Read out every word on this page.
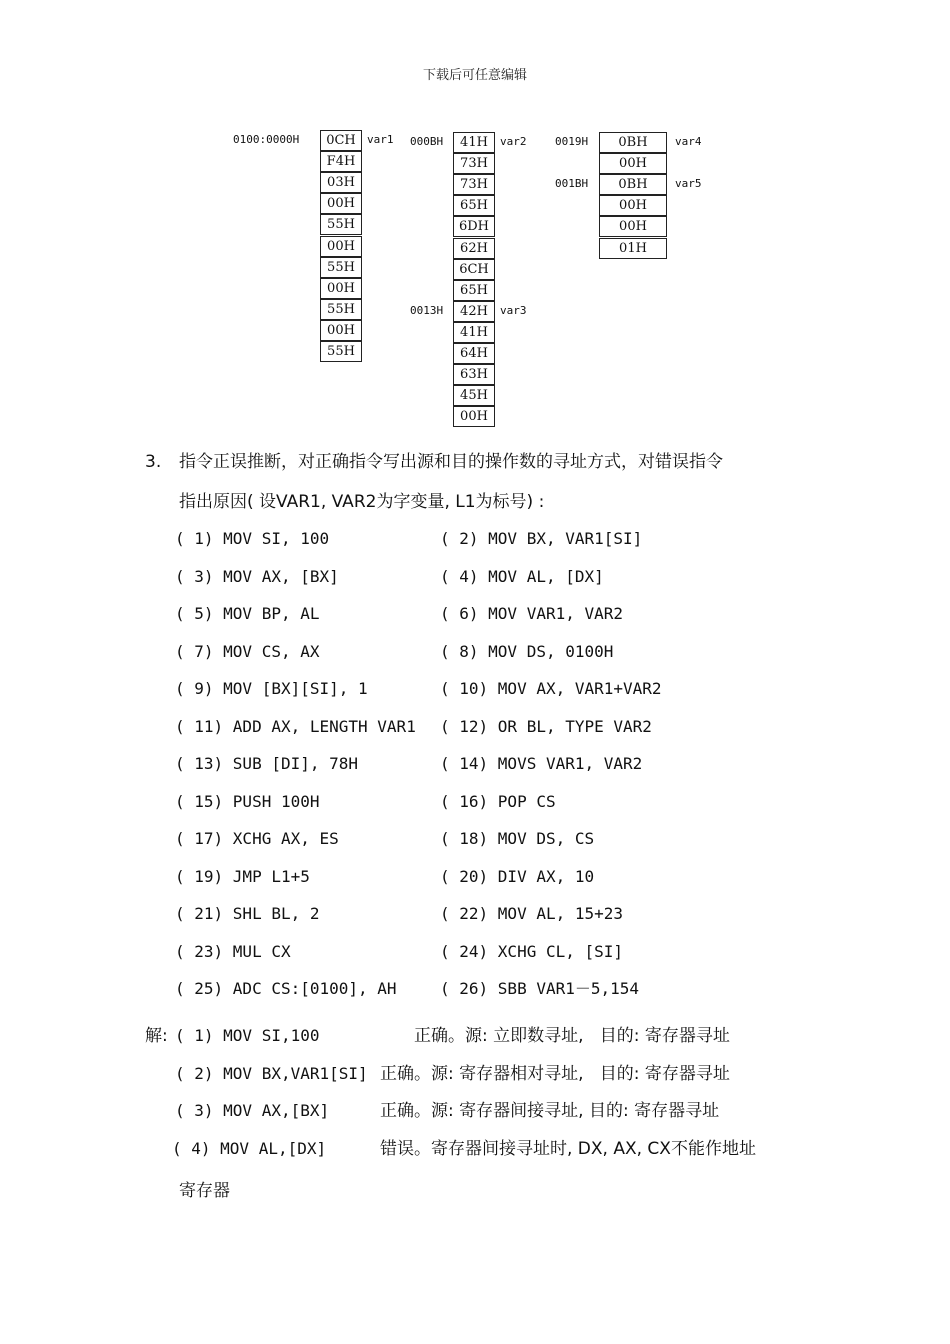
下载后可任意编辑
0100:0000H	var1
0CH
F4H
03H
00H
55H
00H
55H
00H
55H
00H
55H
000BH	var2
41H
73H
73H
65H
6DH
62H
6CH
65H
42H
41H
64H
63H
45H
00H
0013H	var3
0019H	var4
0BH
00H
0BH
00H
00H
01H
001BH	var5
3. 指令正误推断，对正确指令写出源和目的操作数的寻址方式，对错误指令
指出原因( 设VAR1, VAR2为字变量, L1为标号) :
( 1) MOV SI, 100	( 2) MOV BX, VAR1[SI]
( 3) MOV AX, [BX]	( 4) MOV AL, [DX]
( 5) MOV BP, AL	( 6) MOV VAR1, VAR2
( 7) MOV CS, AX	( 8) MOV DS, 0100H
( 9) MOV [BX][SI], 1	( 10) MOV AX, VAR1+VAR2
( 11) ADD AX, LENGTH VAR1 ( 12) OR BL, TYPE VAR2
( 13) SUB [DI], 78H	( 14) MOVS VAR1, VAR2
( 15) PUSH 100H	( 16) POP CS
( 17) XCHG AX, ES	( 18) MOV DS, CS
( 19) JMP L1+5	( 20) DIV AX, 10
( 21) SHL BL, 2	( 22) MOV AL, 15+23
( 23) MUL CX	( 24) XCHG CL, [SI]
( 25) ADC CS:[0100], AH	( 26) SBB VAR1－5,154
解: ( 1) MOV SI,100	正确。源: 立即数寻址,   目的: 寄存器寻址
( 2) MOV BX,VAR1[SI] 正确。源: 寄存器相对寻址,   目的: 寄存器寻址
( 3) MOV AX,[BX]	正确。源: 寄存器间接寻址, 目的: 寄存器寻址
( 4) MOV AL,[DX]	错误。寄存器间接寻址时, DX, AX, CX不能作地址
寄存器
